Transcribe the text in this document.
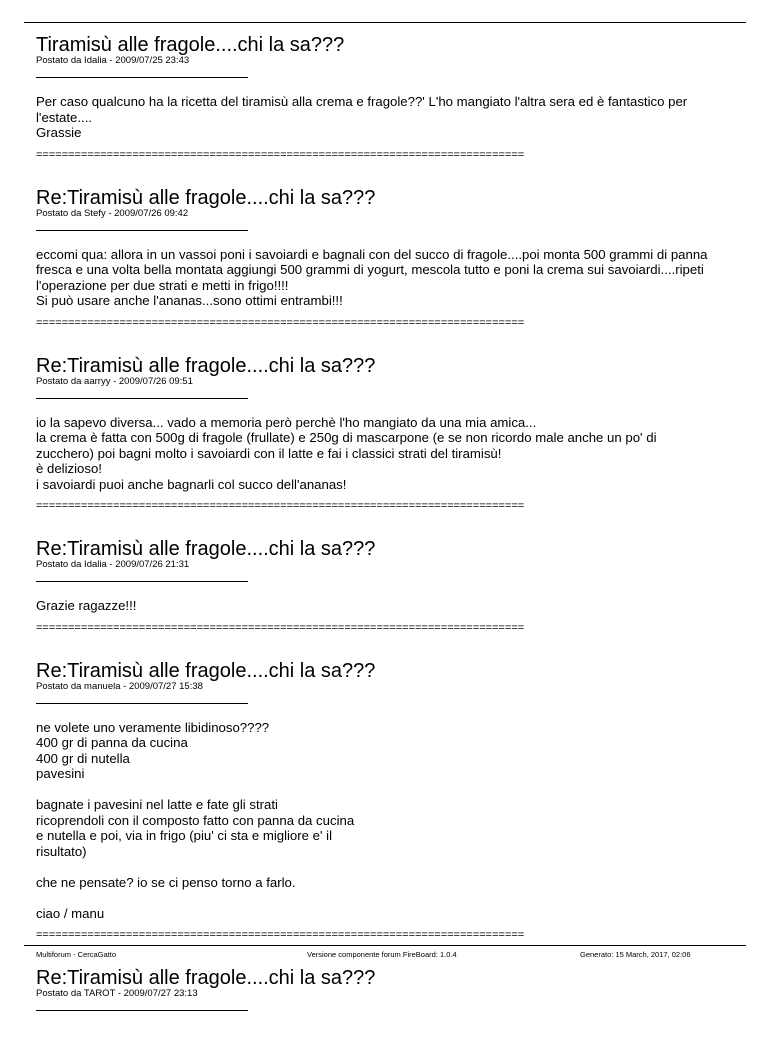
Tiramisù alle fragole....chi la sa???
Postato da Idalia - 2009/07/25 23:43

Per caso qualcuno ha la ricetta del tiramisù alla crema e fragole??' L'ho mangiato l'altra sera ed è fantastico per l'estate....
Grassie

============================================================================
Re:Tiramisù alle fragole....chi la sa???
Postato da Stefy - 2009/07/26 09:42

eccomi qua: allora in un vassoi poni i savoiardi e bagnali con del succo di fragole....poi monta 500 grammi di panna fresca e una volta bella montata aggiungi 500 grammi di yogurt, mescola tutto e poni la crema sui savoiardi....ripeti l'operazione per due strati e metti in frigo!!!!
Si può usare anche l'ananas...sono ottimi entrambi!!!

============================================================================
Re:Tiramisù alle fragole....chi la sa???
Postato da aarryy - 2009/07/26 09:51

io la sapevo diversa... vado a memoria però perchè l'ho mangiato da una mia amica...
la crema è fatta con 500g di fragole (frullate) e 250g di mascarpone (e se non ricordo male anche un po' di zucchero) poi bagni molto i savoiardi con il latte e fai i classici strati del tiramisù!
è delizioso!
i savoiardi puoi anche bagnarli col succo dell'ananas!

============================================================================
Re:Tiramisù alle fragole....chi la sa???
Postato da Idalia - 2009/07/26 21:31

Grazie ragazze!!!

============================================================================
Re:Tiramisù alle fragole....chi la sa???
Postato da manuela - 2009/07/27 15:38

ne volete uno veramente libidinoso????
400 gr di panna da cucina
400 gr di nutella
pavesini

bagnate i pavesini nel latte e fate gli strati
ricoprendoli con il composto fatto con panna da cucina
e nutella e poi, via in frigo (piu' ci sta e migliore e' il
risultato)

che ne pensate? io se ci penso torno a farlo.

ciao / manu

============================================================================
Re:Tiramisù alle fragole....chi la sa???
Postato da TAROT - 2009/07/27 23:13
Multiforum - CercaGatto	Versione componente forum FireBoard: 1.0.4	Generato: 15 March, 2017, 02:06
